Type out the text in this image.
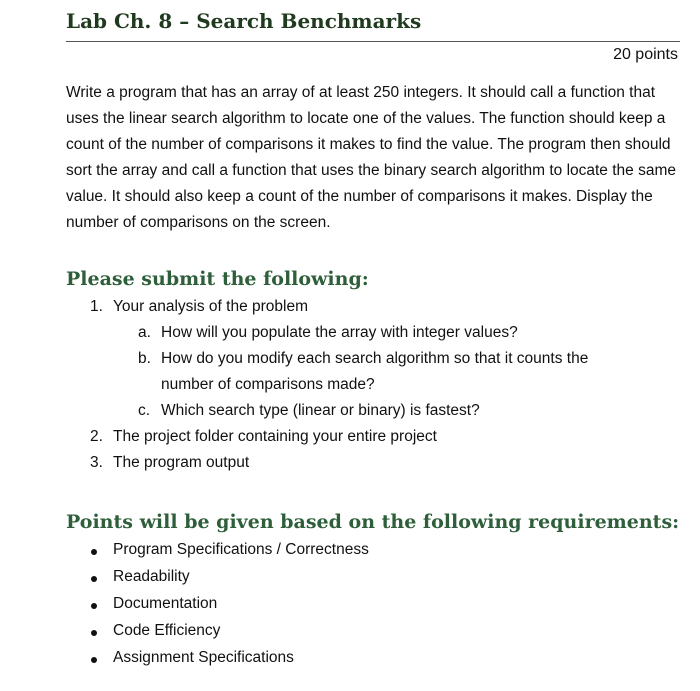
Lab Ch. 8 – Search Benchmarks
20 points
Write a program that has an array of at least 250 integers. It should call a function that uses the linear search algorithm to locate one of the values. The function should keep a count of the number of comparisons it makes to find the value. The program then should sort the array and call a function that uses the binary search algorithm to locate the same value. It should also keep a count of the number of comparisons it makes. Display the number of comparisons on the screen.
Please submit the following:
1. Your analysis of the problem
a. How will you populate the array with integer values?
b. How do you modify each search algorithm so that it counts the
number of comparisons made?
c. Which search type (linear or binary) is fastest?
2. The project folder containing your entire project
3. The program output
Points will be given based on the following requirements:
Program Specifications / Correctness
Readability
Documentation
Code Efficiency
Assignment Specifications
